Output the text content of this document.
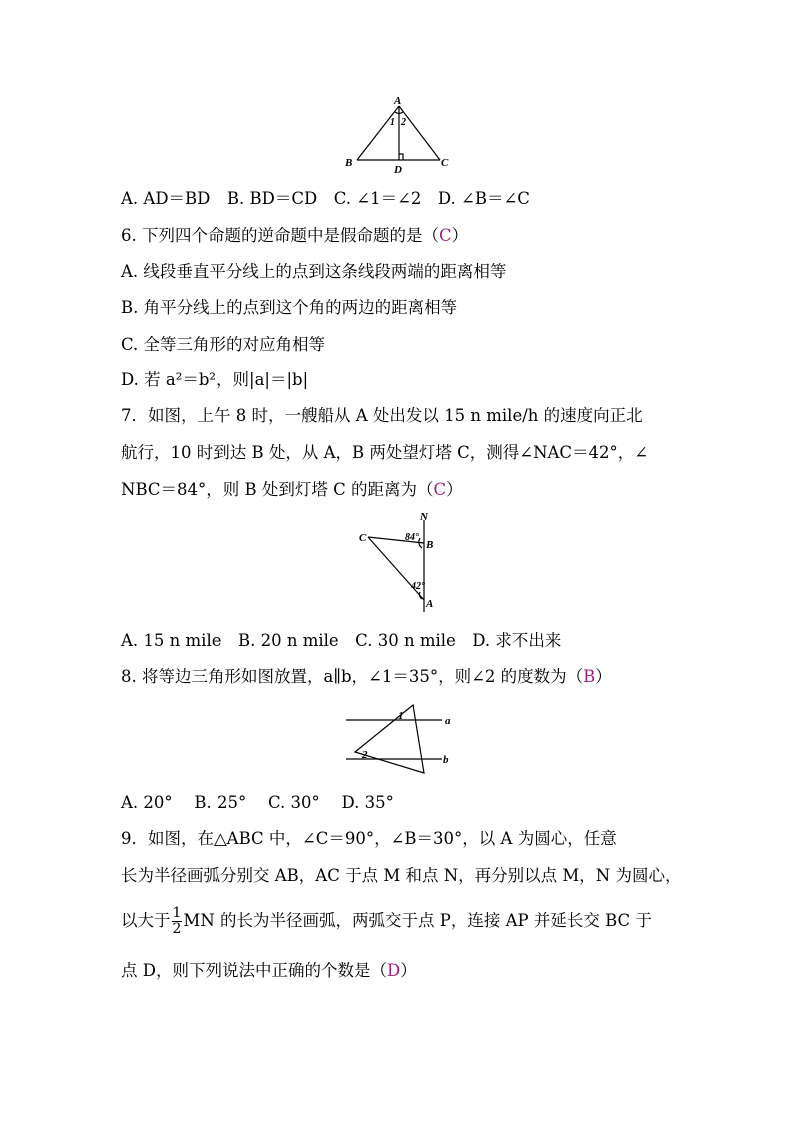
A
1 2
B
D
C
A. AD＝BD　B. BD＝CD　C. ∠1＝∠2　D. ∠B＝∠C
6. 下列四个命题的逆命题中是假命题的是（C）
A. 线段垂直平分线上的点到这条线段两端的距离相等
B. 角平分线上的点到这个角的两边的距离相等
C. 全等三角形的对应角相等
D. 若 a²＝b²，则|a|＝|b|
7．如图，上午 8 时，一艘船从 A 处出发以 15 n mile/h 的速度向正北
航行，10 时到达 B 处，从 A，B 两处望灯塔 C，测得∠NAC＝42°，∠
NBC＝84°，则 B 处到灯塔 C 的距离为（C）
N
C	84°
B
42°
A
A. 15 n mile　B. 20 n mile　C. 30 n mile　D. 求不出来
8. 将等边三角形如图放置，a∥b，∠1＝35°，则∠2 的度数为（B）
1	a
2	b
A. 20°　 B. 25°　 C. 30°　 D. 35°
9．如图，在△ABC 中，∠C＝90°，∠B＝30°，以 A 为圆心，任意
长为半径画弧分别交 AB，AC 于点 M 和点 N，再分别以点 M，N 为圆心，
以大于 $\frac{1}{2}$ MN 的长为半径画弧，两弧交于点 P，连接 AP 并延长交 BC 于
点 D，则下列说法中正确的个数是（D）
